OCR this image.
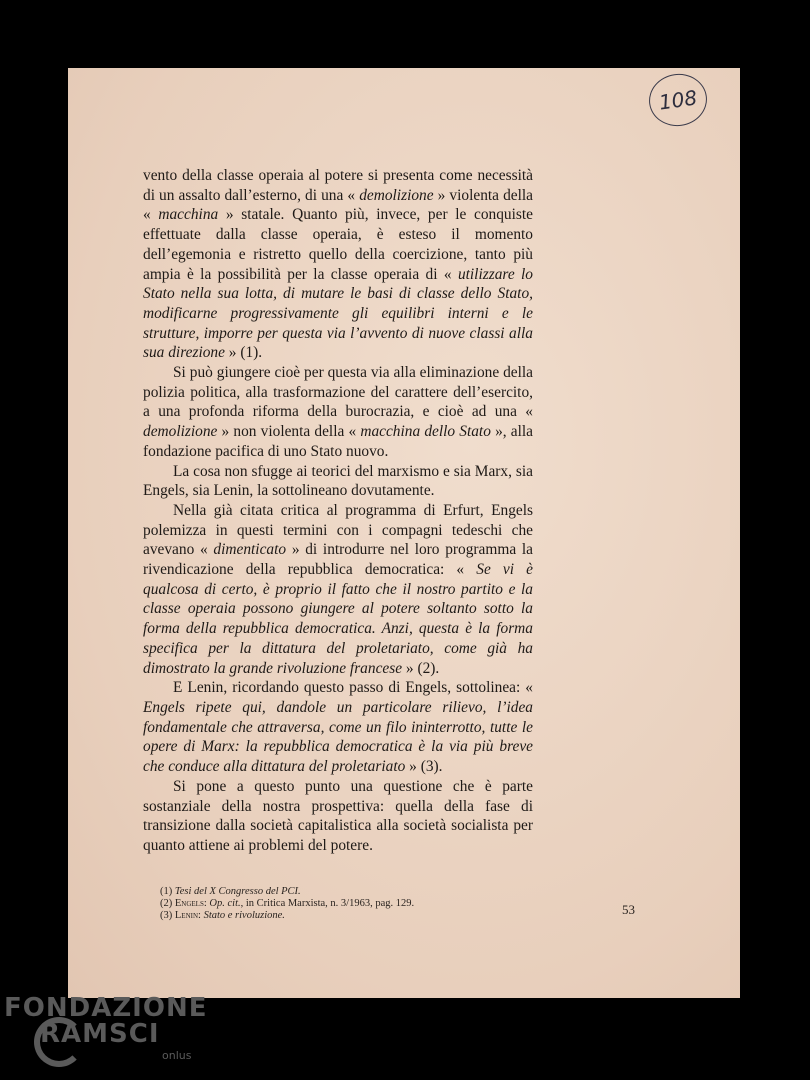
108

vento della classe operaia al potere si presenta come necessità di un assalto dall’esterno, di una « demolizione » violenta della « macchina » statale. Quanto più, invece, per le conquiste effettuate dalla classe operaia, è esteso il momento dell’egemonia e ristretto quello della coercizione, tanto più ampia è la possibilità per la classe operaia di « utilizzare lo Stato nella sua lotta, di mutare le basi di classe dello Stato, modificarne progressivamente gli equilibri interni e le strutture, imporre per questa via l’avvento di nuove classi alla sua direzione » (1).

Si può giungere cioè per questa via alla eliminazione della polizia politica, alla trasformazione del carattere dell’esercito, a una profonda riforma della burocrazia, e cioè ad una « demolizione » non violenta della « macchina dello Stato », alla fondazione pacifica di uno Stato nuovo.

La cosa non sfugge ai teorici del marxismo e sia Marx, sia Engels, sia Lenin, la sottolineano dovutamente.

Nella già citata critica al programma di Erfurt, Engels polemizza in questi termini con i compagni tedeschi che avevano « dimenticato » di introdurre nel loro programma la rivendicazione della repubblica democratica: « Se vi è qualcosa di certo, è proprio il fatto che il nostro partito e la classe operaia possono giungere al potere soltanto sotto la forma della repubblica democratica. Anzi, questa è la forma specifica per la dittatura del proletariato, come già ha dimostrato la grande rivoluzione francese » (2).

E Lenin, ricordando questo passo di Engels, sottolinea: « Engels ripete qui, dandole un particolare rilievo, l’idea fondamentale che attraversa, come un filo ininterrotto, tutte le opere di Marx: la repubblica democratica è la via più breve che conduce alla dittatura del proletariato » (3).

Si pone a questo punto una questione che è parte sostanziale della nostra prospettiva: quella della fase di transizione dalla società capitalistica alla società socialista per quanto attiene ai problemi del potere.

(1) Tesi del X Congresso del PCI.
(2) Engels: Op. cit., in Critica Marxista, n. 3/1963, pag. 129.
(3) Lenin: Stato e rivoluzione.	53
FONDAZIONE
RAMSCI
onlus
